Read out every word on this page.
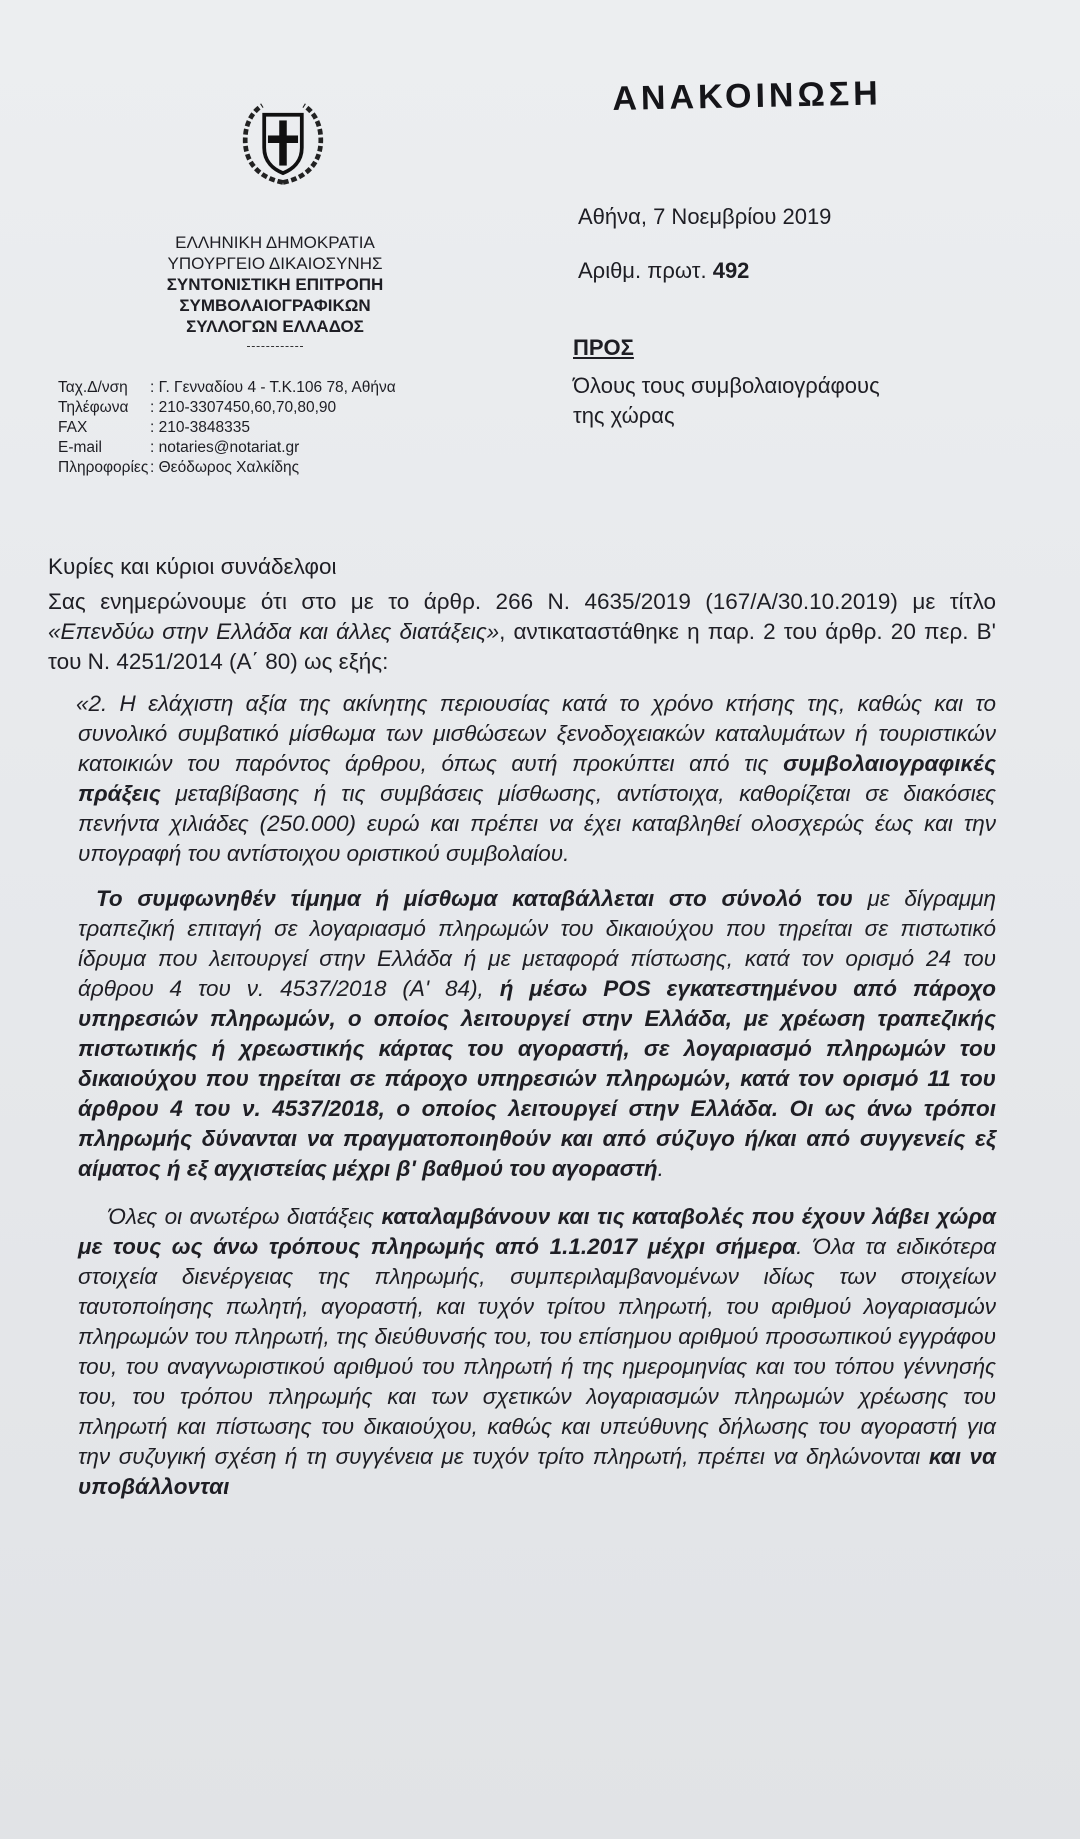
ΑΝΑΚΟΙΝΩΣΗ
Αθήνα, 7 Νοεμβρίου 2019
Αριθμ. πρωτ. 492
ΠΡΟΣ
Όλους τους συμβολαιογράφους
της χώρας
ΕΛΛΗΝΙΚΗ ΔΗΜΟΚΡΑΤΙΑ
ΥΠΟΥΡΓΕΙΟ ΔΙΚΑΙΟΣΥΝΗΣ
ΣΥΝΤΟΝΙΣΤΙΚΗ ΕΠΙΤΡΟΠΗ
ΣΥΜΒΟΛΑΙΟΓΡΑΦΙΚΩΝ
ΣΥΛΛΟΓΩΝ ΕΛΛΑΔΟΣ
Ταχ.Δ/νση	: Γ. Γενναδίου 4 - Τ.Κ.106 78, Αθήνα
Τηλέφωνα	: 210-3307450,60,70,80,90
FAX	: 210-3848335
E-mail	: notaries@notariat.gr
Πληροφορίες : Θεόδωρος Χαλκίδης
Κυρίες και κύριοι συνάδελφοι

Σας ενημερώνουμε ότι στο με το άρθρ. 266 Ν. 4635/2019 (167/Α/30.10.2019) με τίτλο «Επενδύω στην Ελλάδα και άλλες διατάξεις», αντικαταστάθηκε η παρ. 2 του άρθρ. 20 περ. Β' του Ν. 4251/2014 (Α΄ 80) ως εξής:

«2. Η ελάχιστη αξία της ακίνητης περιουσίας κατά το χρόνο κτήσης της, καθώς και το συνολικό συμβατικό μίσθωμα των μισθώσεων ξενοδοχειακών καταλυμάτων ή τουριστικών κατοικιών του παρόντος άρθρου, όπως αυτή προκύπτει από τις συμβολαιογραφικές πράξεις μεταβίβασης ή τις συμβάσεις μίσθωσης, αντίστοιχα, καθορίζεται σε διακόσιες πενήντα χιλιάδες (250.000) ευρώ και πρέπει να έχει καταβληθεί ολοσχερώς έως και την υπογραφή του αντίστοιχου οριστικού συμβολαίου.

Το συμφωνηθέν τίμημα ή μίσθωμα καταβάλλεται στο σύνολό του με δίγραμμη τραπεζική επιταγή σε λογαριασμό πληρωμών του δικαιούχου που τηρείται σε πιστωτικό ίδρυμα που λειτουργεί στην Ελλάδα ή με μεταφορά πίστωσης, κατά τον ορισμό 24 του άρθρου 4 του ν. 4537/2018 (Α' 84), ή μέσω POS εγκατεστημένου από πάροχο υπηρεσιών πληρωμών, ο οποίος λειτουργεί στην Ελλάδα, με χρέωση τραπεζικής πιστωτικής ή χρεωστικής κάρτας του αγοραστή, σε λογαριασμό πληρωμών του δικαιούχου που τηρείται σε πάροχο υπηρεσιών πληρωμών, κατά τον ορισμό 11 του άρθρου 4 του ν. 4537/2018, ο οποίος λειτουργεί στην Ελλάδα. Οι ως άνω τρόποι πληρωμής δύνανται να πραγματοποιηθούν και από σύζυγο ή/και από συγγενείς εξ αίματος ή εξ αγχιστείας μέχρι β' βαθμού του αγοραστή.

Όλες οι ανωτέρω διατάξεις καταλαμβάνουν και τις καταβολές που έχουν λάβει χώρα με τους ως άνω τρόπους πληρωμής από 1.1.2017 μέχρι σήμερα. Όλα τα ειδικότερα στοιχεία διενέργειας της πληρωμής, συμπεριλαμβανομένων ιδίως των στοιχείων ταυτοποίησης πωλητή, αγοραστή, και τυχόν τρίτου πληρωτή, του αριθμού λογαριασμών πληρωμών του πληρωτή, της διεύθυνσής του, του επίσημου αριθμού προσωπικού εγγράφου του, του αναγνωριστικού αριθμού του πληρωτή ή της ημερομηνίας και του τόπου γέννησής του, του τρόπου πληρωμής και των σχετικών λογαριασμών πληρωμών χρέωσης του πληρωτή και πίστωσης του δικαιούχου, καθώς και υπεύθυνης δήλωσης του αγοραστή για την συζυγική σχέση ή τη συγγένεια με τυχόν τρίτο πληρωτή, πρέπει να δηλώνονται και να υποβάλλονται
